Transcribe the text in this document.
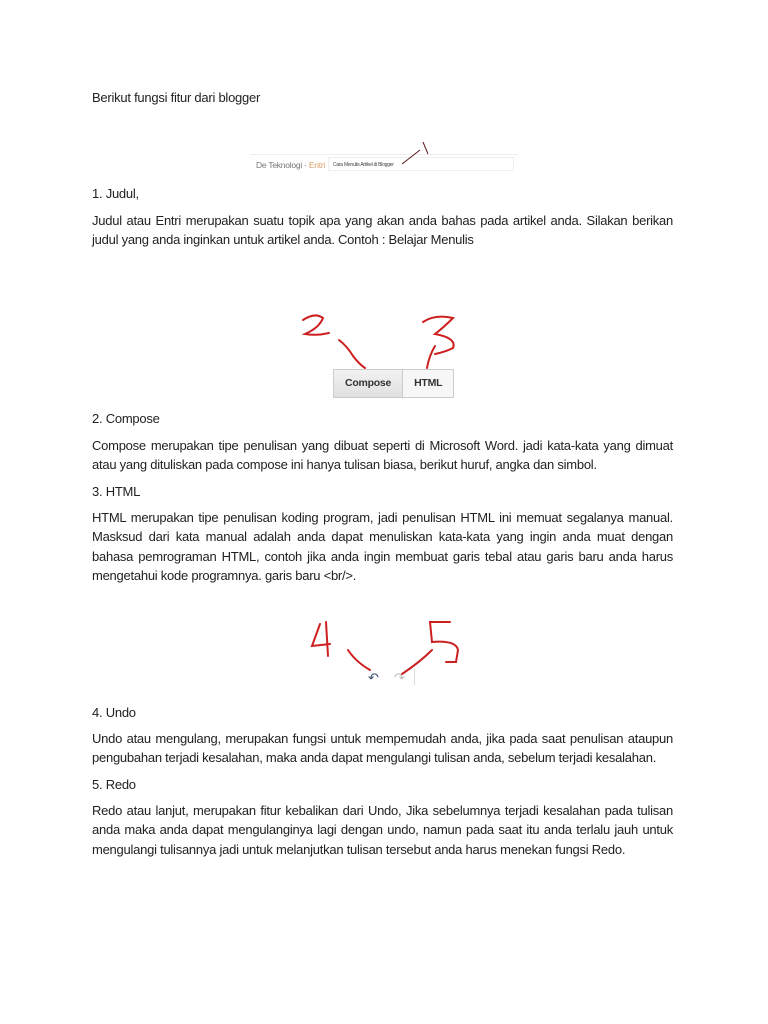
Berikut fungsi fitur dari blogger
De Teknologi · Entri	Cara Menulis Artikel di Blogger
1. Judul,
Judul atau Entri merupakan suatu topik apa yang akan anda bahas pada artikel anda. Silakan berikan judul yang anda inginkan untuk artikel anda. Contoh : Belajar Menulis
Compose	HTML
2. Compose
Compose merupakan tipe penulisan yang dibuat seperti di Microsoft Word. jadi kata-kata yang dimuat atau yang dituliskan pada compose ini hanya tulisan biasa, berikut huruf, angka dan simbol.
3. HTML
HTML merupakan tipe penulisan koding program, jadi penulisan HTML ini memuat segalanya manual. Masksud dari kata manual adalah anda dapat menuliskan kata-kata yang ingin anda muat dengan bahasa pemrograman HTML, contoh jika anda ingin membuat garis tebal atau garis baru anda harus mengetahui kode programnya. garis baru <br/>.
↶ ↷
4. Undo
Undo atau mengulang, merupakan fungsi untuk mempemudah anda, jika pada saat penulisan ataupun pengubahan terjadi kesalahan, maka anda dapat mengulangi tulisan anda, sebelum terjadi kesalahan.
5. Redo
Redo atau lanjut, merupakan fitur kebalikan dari Undo, Jika sebelumnya terjadi kesalahan pada tulisan anda maka anda dapat mengulanginya lagi dengan undo, namun pada saat itu anda terlalu jauh untuk mengulangi tulisannya jadi untuk melanjutkan tulisan tersebut anda harus menekan fungsi Redo.
